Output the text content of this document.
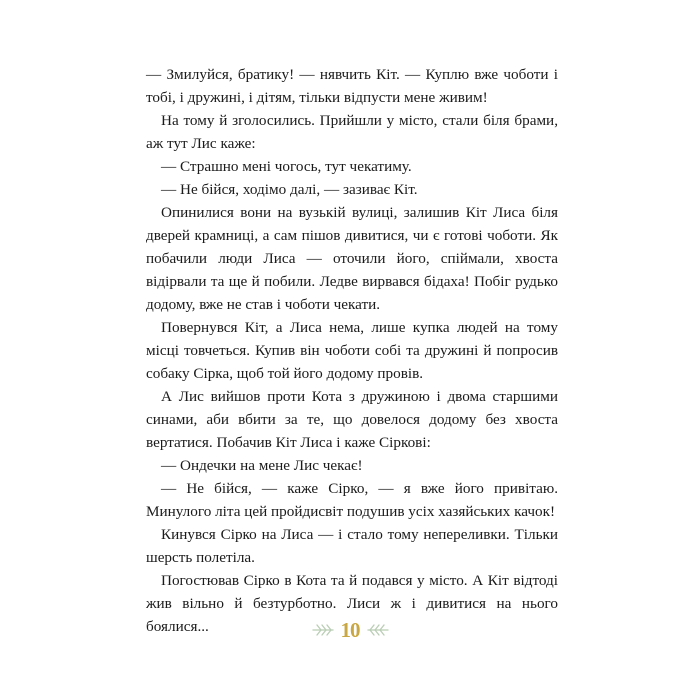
— Змилуйся, братику! — нявчить Кіт. — Куплю вже чоботи і тобі, і дружині, і дітям, тільки відпусти мене живим!

На тому й зголосились. Прийшли у місто, стали біля брами, аж тут Лис каже:

— Страшно мені чогось, тут чекатиму.

— Не бійся, ходімо далі, — зазиває Кіт.

Опинилися вони на вузькій вулиці, залишив Кіт Лиса біля дверей крамниці, а сам пішов дивитися, чи є готові чоботи. Як побачили люди Лиса — оточили його, спіймали, хвоста відірвали та ще й побили. Ледве вирвався бідаха! Побіг рудько додому, вже не став і чоботи чекати.

Повернувся Кіт, а Лиса нема, лише купка людей на тому місці товчеться. Купив він чоботи собі та дружині й попросив собаку Сірка, щоб той його додому провів.

А Лис вийшов проти Кота з дружиною і двома старшими синами, аби вбити за те, що довелося додому без хвоста вертатися. Побачив Кіт Лиса і каже Сіркові:

— Ондечки на мене Лис чекає!

— Не бійся, — каже Сірко, — я вже його привітаю. Минулого літа цей пройдисвіт подушив усіх хазяйських качок!

Кинувся Сірко на Лиса — і стало тому непереливки. Тільки шерсть полетіла.

Погостював Сірко в Кота та й подався у місто. А Кіт відтоді жив вільно й безтурботно. Лиси ж і дивитися на нього боялися...	10
